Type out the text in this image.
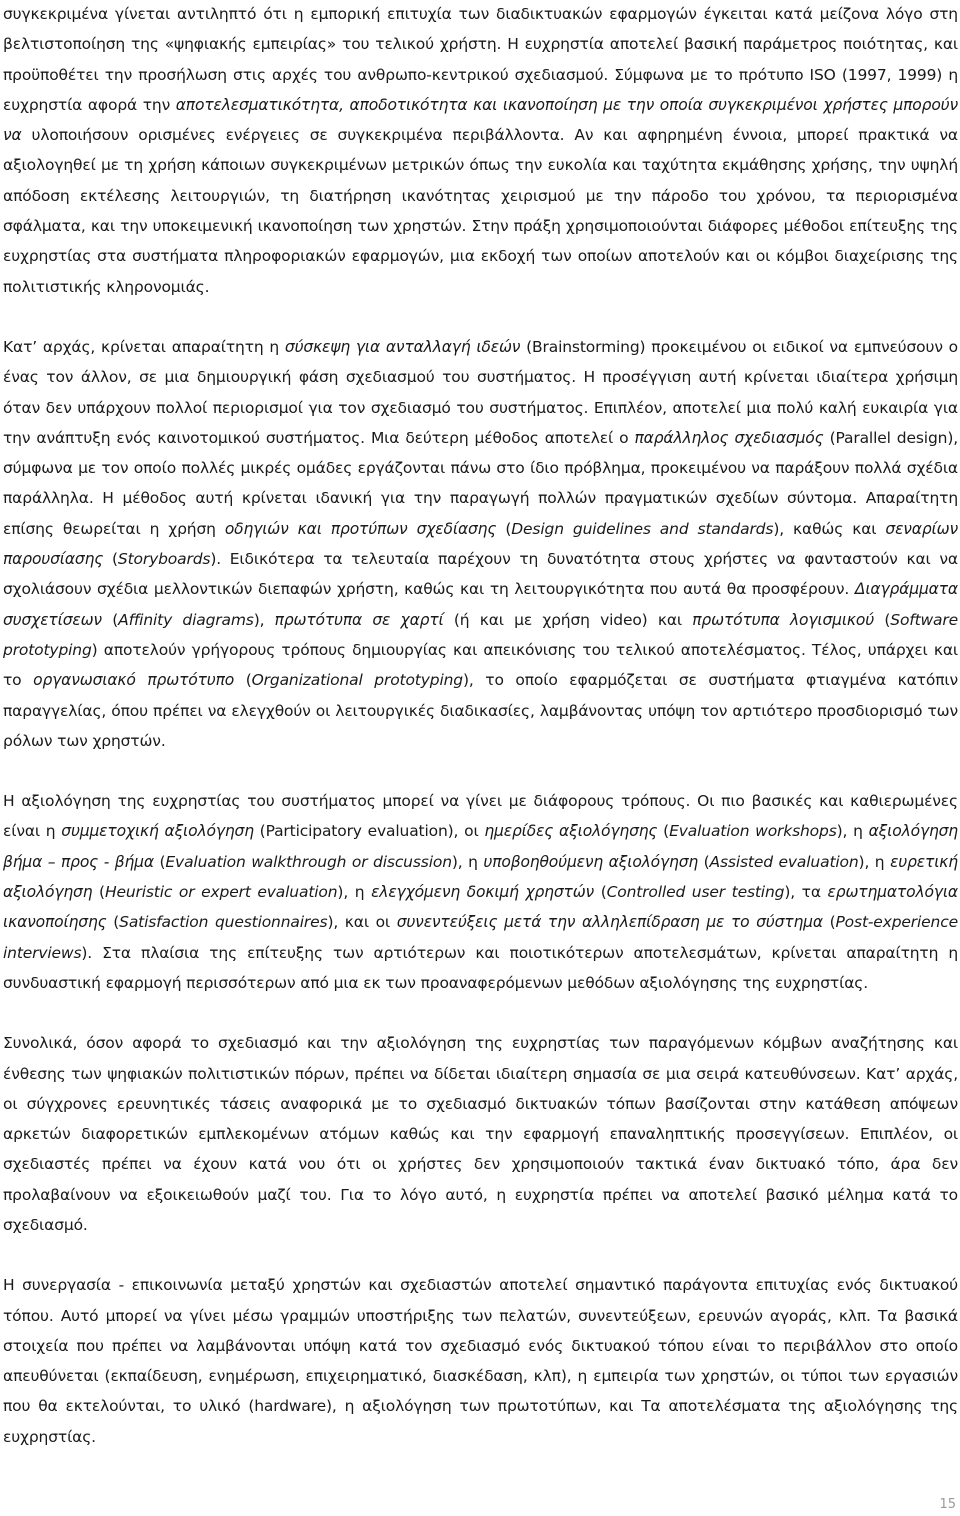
συγκεκριμένα γίνεται αντιληπτό ότι η εμπορική επιτυχία των διαδικτυακών εφαρμογών έγκειται κατά μείζονα λόγο στη βελτιστοποίηση της «ψηφιακής εμπειρίας» του τελικού χρήστη. Η ευχρηστία αποτελεί βασική παράμετρος ποιότητας, και προϋποθέτει την προσήλωση στις αρχές του ανθρωπο-κεντρικού σχεδιασμού. Σύμφωνα με το πρότυπο ISO (1997, 1999) η ευχρηστία αφορά την αποτελεσματικότητα, αποδοτικότητα και ικανοποίηση με την οποία συγκεκριμένοι χρήστες μπορούν να υλοποιήσουν ορισμένες ενέργειες σε συγκεκριμένα περιβάλλοντα. Αν και αφηρημένη έννοια, μπορεί πρακτικά να αξιολογηθεί με τη χρήση κάποιων συγκεκριμένων μετρικών όπως την ευκολία και ταχύτητα εκμάθησης χρήσης, την υψηλή απόδοση εκτέλεσης λειτουργιών, τη διατήρηση ικανότητας χειρισμού με την πάροδο του χρόνου, τα περιορισμένα σφάλματα, και την υποκειμενική ικανοποίηση των χρηστών. Στην πράξη χρησιμοποιούνται διάφορες μέθοδοι επίτευξης της ευχρηστίας στα συστήματα πληροφοριακών εφαρμογών, μια εκδοχή των οποίων αποτελούν και οι κόμβοι διαχείρισης της πολιτιστικής κληρονομιάς.

Κατ’ αρχάς, κρίνεται απαραίτητη η σύσκεψη για ανταλλαγή ιδεών (Brainstorming) προκειμένου οι ειδικοί να εμπνεύσουν ο ένας τον άλλον, σε μια δημιουργική φάση σχεδιασμού του συστήματος. Η προσέγγιση αυτή κρίνεται ιδιαίτερα χρήσιμη όταν δεν υπάρχουν πολλοί περιορισμοί για τον σχεδιασμό του συστήματος. Επιπλέον, αποτελεί μια πολύ καλή ευκαιρία για την ανάπτυξη ενός καινοτομικού συστήματος. Μια δεύτερη μέθοδος αποτελεί ο παράλληλος σχεδιασμός (Parallel design), σύμφωνα με τον οποίο πολλές μικρές ομάδες εργάζονται πάνω στο ίδιο πρόβλημα, προκειμένου να παράξουν πολλά σχέδια παράλληλα. Η μέθοδος αυτή κρίνεται ιδανική για την παραγωγή πολλών πραγματικών σχεδίων σύντομα. Απαραίτητη επίσης θεωρείται η χρήση οδηγιών και προτύπων σχεδίασης (Design guidelines and standards), καθώς και σεναρίων παρουσίασης (Storyboards). Ειδικότερα τα τελευταία παρέχουν τη δυνατότητα στους χρήστες να φανταστούν και να σχολιάσουν σχέδια μελλοντικών διεπαφών χρήστη, καθώς και τη λειτουργικότητα που αυτά θα προσφέρουν. Διαγράμματα συσχετίσεων (Affinity diagrams), πρωτότυπα σε χαρτί (ή και με χρήση video) και πρωτότυπα λογισμικού (Software prototyping) αποτελούν γρήγορους τρόπους δημιουργίας και απεικόνισης του τελικού αποτελέσματος. Τέλος, υπάρχει και το οργανωσιακό πρωτότυπο (Organizational prototyping), το οποίο εφαρμόζεται σε συστήματα φτιαγμένα κατόπιν παραγγελίας, όπου πρέπει να ελεγχθούν οι λειτουργικές διαδικασίες, λαμβάνοντας υπόψη τον αρτιότερο προσδιορισμό των ρόλων των χρηστών.

Η αξιολόγηση της ευχρηστίας του συστήματος μπορεί να γίνει με διάφορους τρόπους. Οι πιο βασικές και καθιερωμένες είναι η συμμετοχική αξιολόγηση (Participatory evaluation), οι ημερίδες αξιολόγησης (Evaluation workshops), η αξιολόγηση βήμα – προς - βήμα (Evaluation walkthrough or discussion), η υποβοηθούμενη αξιολόγηση (Assisted evaluation), η ευρετική αξιολόγηση (Heuristic or expert evaluation), η ελεγχόμενη δοκιμή χρηστών (Controlled user testing), τα ερωτηματολόγια ικανοποίησης (Satisfaction questionnaires), και οι συνεντεύξεις μετά την αλληλεπίδραση με το σύστημα (Post-experience interviews). Στα πλαίσια της επίτευξης των αρτιότερων και ποιοτικότερων αποτελεσμάτων, κρίνεται απαραίτητη η συνδυαστική εφαρμογή περισσότερων από μια εκ των προαναφερόμενων μεθόδων αξιολόγησης της ευχρηστίας.

Συνολικά, όσον αφορά το σχεδιασμό και την αξιολόγηση της ευχρηστίας των παραγόμενων κόμβων αναζήτησης και ένθεσης των ψηφιακών πολιτιστικών πόρων, πρέπει να δίδεται ιδιαίτερη σημασία σε μια σειρά κατευθύνσεων. Κατ’ αρχάς, οι σύγχρονες ερευνητικές τάσεις αναφορικά με το σχεδιασμό δικτυακών τόπων βασίζονται στην κατάθεση απόψεων αρκετών διαφορετικών εμπλεκομένων ατόμων καθώς και την εφαρμογή επαναληπτικής προσεγγίσεων. Επιπλέον, οι σχεδιαστές πρέπει να έχουν κατά νου ότι οι χρήστες δεν χρησιμοποιούν τακτικά έναν δικτυακό τόπο, άρα δεν προλαβαίνουν να εξοικειωθούν μαζί του. Για το λόγο αυτό, η ευχρηστία πρέπει να αποτελεί βασικό μέλημα κατά το σχεδιασμό.

Η συνεργασία - επικοινωνία μεταξύ χρηστών και σχεδιαστών αποτελεί σημαντικό παράγοντα επιτυχίας ενός δικτυακού τόπου. Αυτό μπορεί να γίνει μέσω γραμμών υποστήριξης των πελατών, συνεντεύξεων, ερευνών αγοράς, κλπ. Τα βασικά στοιχεία που πρέπει να λαμβάνονται υπόψη κατά τον σχεδιασμό ενός δικτυακού τόπου είναι το περιβάλλον στο οποίο απευθύνεται (εκπαίδευση, ενημέρωση, επιχειρηματικό, διασκέδαση, κλπ), η εμπειρία των χρηστών, οι τύποι των εργασιών που θα εκτελούνται, το υλικό (hardware), η αξιολόγηση των πρωτοτύπων, και Τα αποτελέσματα της αξιολόγησης της ευχρηστίας.

15
